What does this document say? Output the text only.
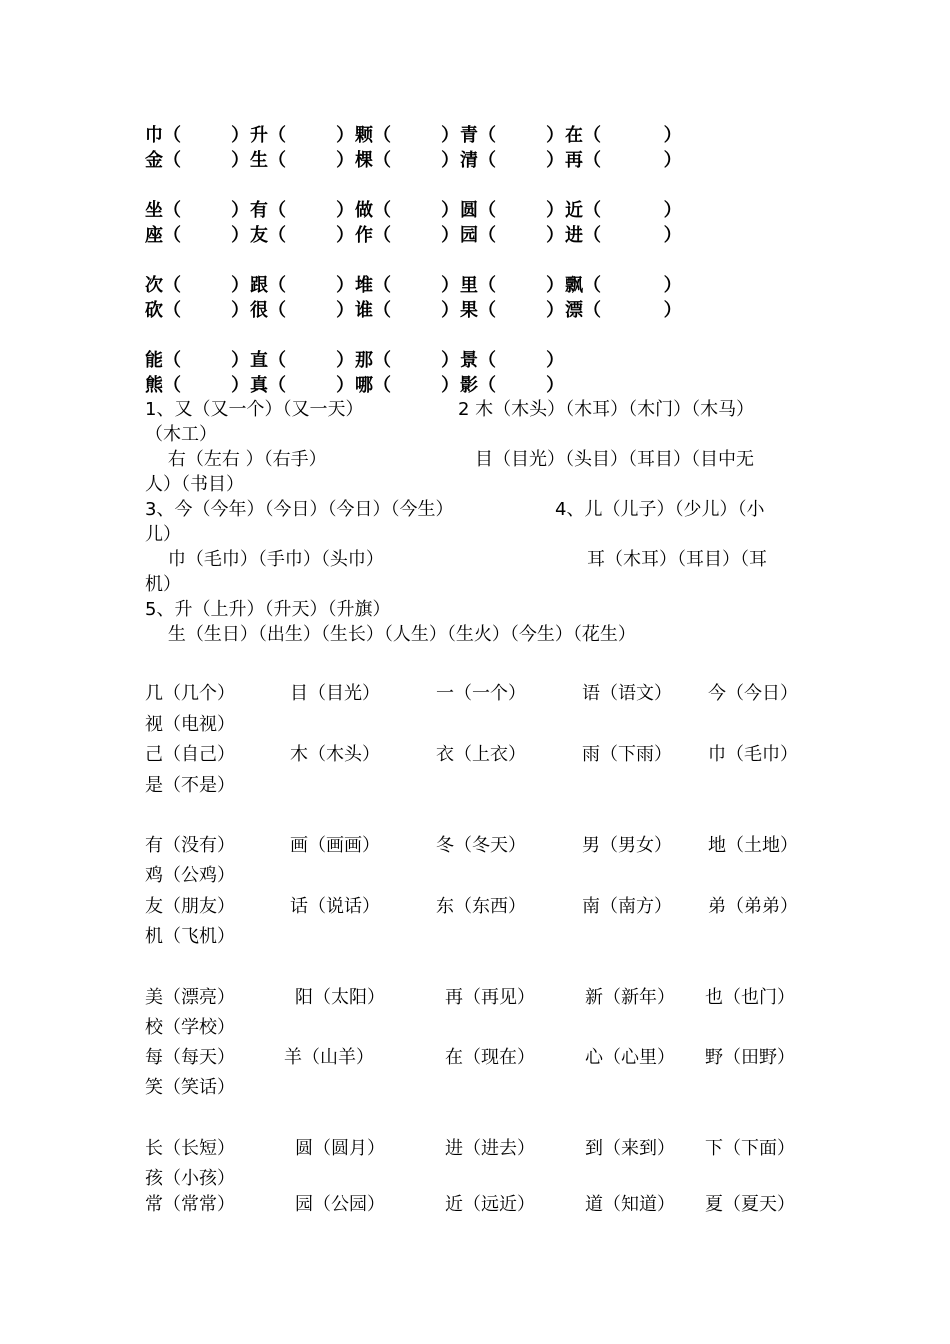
巾（        ） 升（        ） 颗（        ） 青（        ） 在（          ）
金（        ） 生（        ） 棵（        ） 清（        ） 再（          ）
坐（        ） 有（        ） 做（        ） 圆（        ） 近（          ）
座（        ） 友（        ） 作（        ） 园（        ） 进（          ）
次（        ） 跟（        ） 堆（        ） 里（        ） 飘（          ）
砍（        ） 很（        ） 谁（        ） 果（        ） 漂（          ）
能（        ） 直（        ） 那（        ） 景（        ）
熊（        ） 真（        ） 哪（        ） 影（        ）

1、又（又一个）（又一天）

	2 木（木头）（木耳）（木门）（木马）

（木工）

右（左右 ）（右手）

	目（目光）（头目）（耳目）（目中无

人）（书目）

3、今（今年）（今日）（今日）（今生）

	4、儿（儿子）（少儿）（小

儿）

巾（毛巾）（手巾）（头巾）

	耳（木耳）（耳目）（耳

机）

5、升（上升）（升天）（升旗）

生（生日）（出生）（生长）（人生）（生火）（今生）（花生）

几（几个）	目（目光）	一（一个）	语（语文） 今（今日）
视（电视）
己（自己）	木（木头）	衣（上衣）	雨（下雨） 巾（毛巾）
是（不是）
有（没有）	画（画画）	冬（冬天）	男（男女） 地（土地）
鸡（公鸡）
友（朋友）	话（说话）	东（东西）	南（南方） 弟（弟弟）
机（飞机）
美（漂亮）	阳（太阳）	再（再见）	新（新年） 也（也门）
校（学校）
每（每天）	羊（山羊）	在（现在）	心（心里） 野（田野）
笑（笑话）
长（长短）	圆（圆月）	进（进去）	到（来到） 下（下面）
孩（小孩）
常（常常）	园（公园）	近（远近）	道（知道） 夏（夏天）
